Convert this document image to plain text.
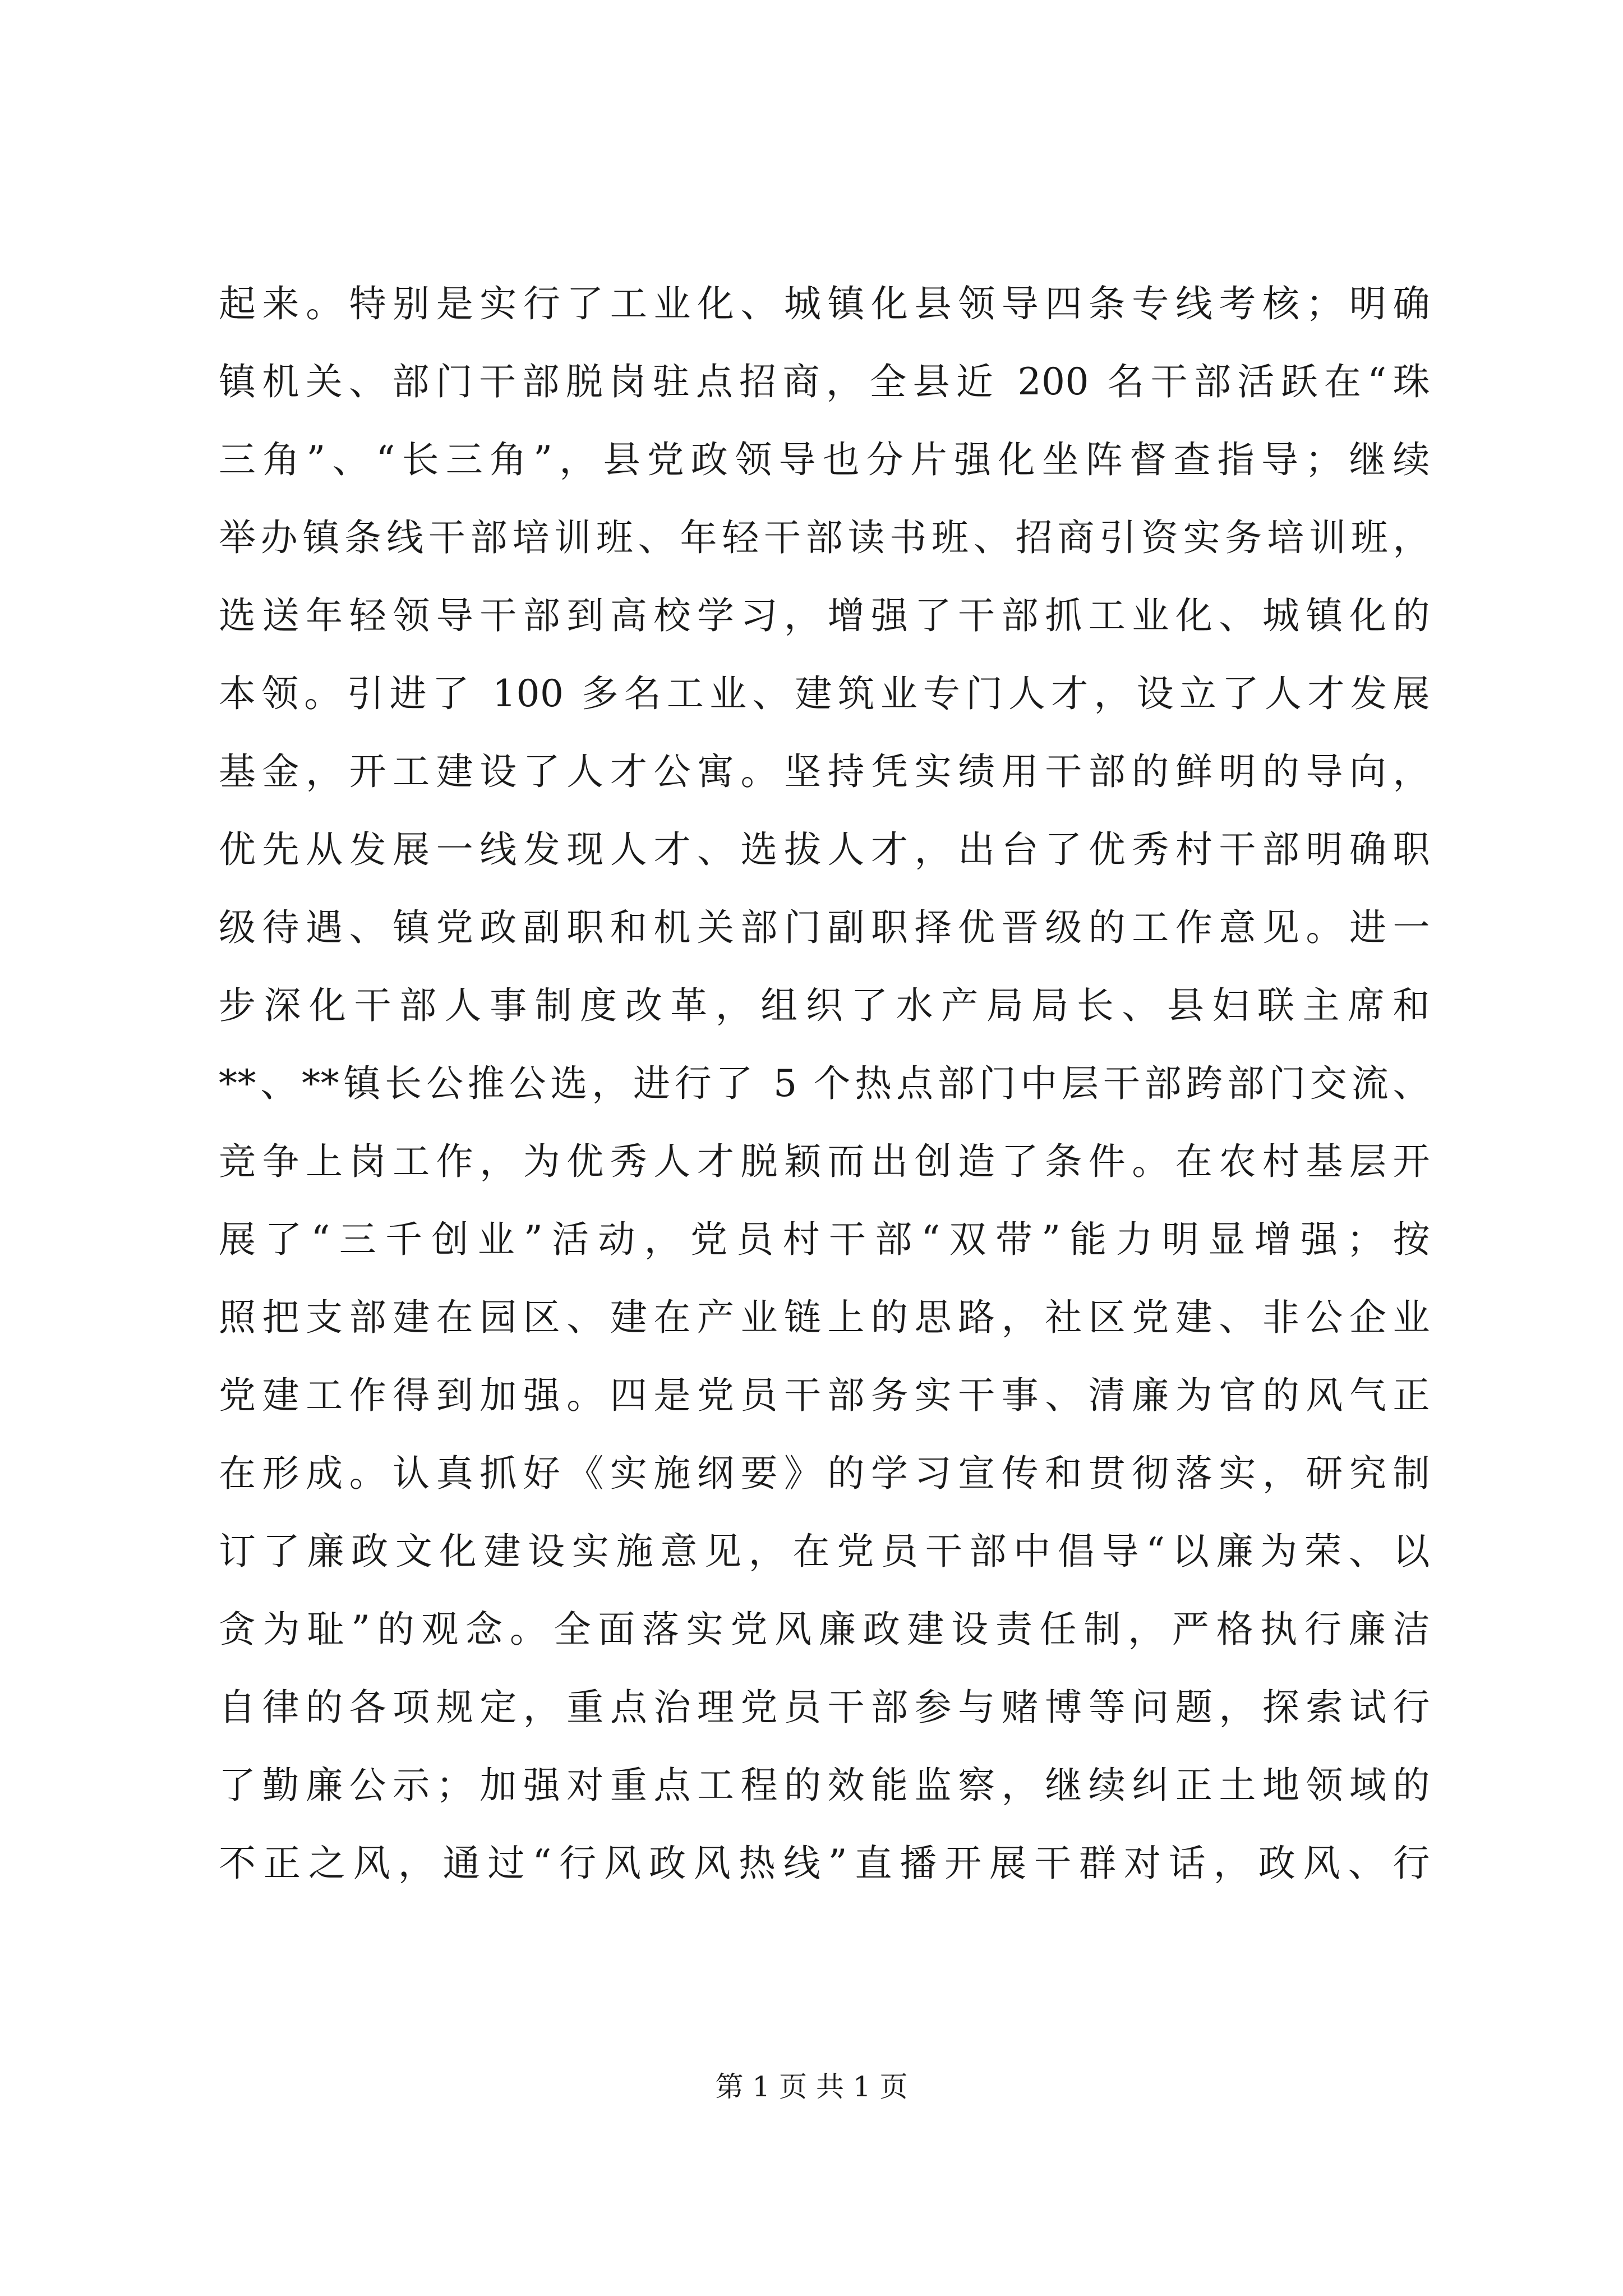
起来。特别是实行了工业化、城镇化县领导四条专线考核；明确
镇机关、部门干部脱岗驻点招商，全县近 200 名干部活跃在“珠
三角”、“长三角”，县党政领导也分片强化坐阵督查指导；继续
举办镇条线干部培训班、年轻干部读书班、招商引资实务培训班，
选送年轻领导干部到高校学习，增强了干部抓工业化、城镇化的
本领。引进了 100 多名工业、建筑业专门人才，设立了人才发展
基金，开工建设了人才公寓。坚持凭实绩用干部的鲜明的导向，
优先从发展一线发现人才、选拔人才，出台了优秀村干部明确职
级待遇、镇党政副职和机关部门副职择优晋级的工作意见。进一
步深化干部人事制度改革，组织了水产局局长、县妇联主席和
**、**镇长公推公选，进行了 5 个热点部门中层干部跨部门交流、
竞争上岗工作，为优秀人才脱颖而出创造了条件。在农村基层开
展了“三千创业”活动，党员村干部“双带”能力明显增强；按
照把支部建在园区、建在产业链上的思路，社区党建、非公企业
党建工作得到加强。四是党员干部务实干事、清廉为官的风气正
在形成。认真抓好《实施纲要》的学习宣传和贯彻落实，研究制
订了廉政文化建设实施意见，在党员干部中倡导“以廉为荣、以
贪为耻”的观念。全面落实党风廉政建设责任制，严格执行廉洁
自律的各项规定，重点治理党员干部参与赌博等问题，探索试行
了勤廉公示；加强对重点工程的效能监察，继续纠正土地领域的
不正之风，通过“行风政风热线”直播开展干群对话，政风、行
第 1 页 共 1 页
